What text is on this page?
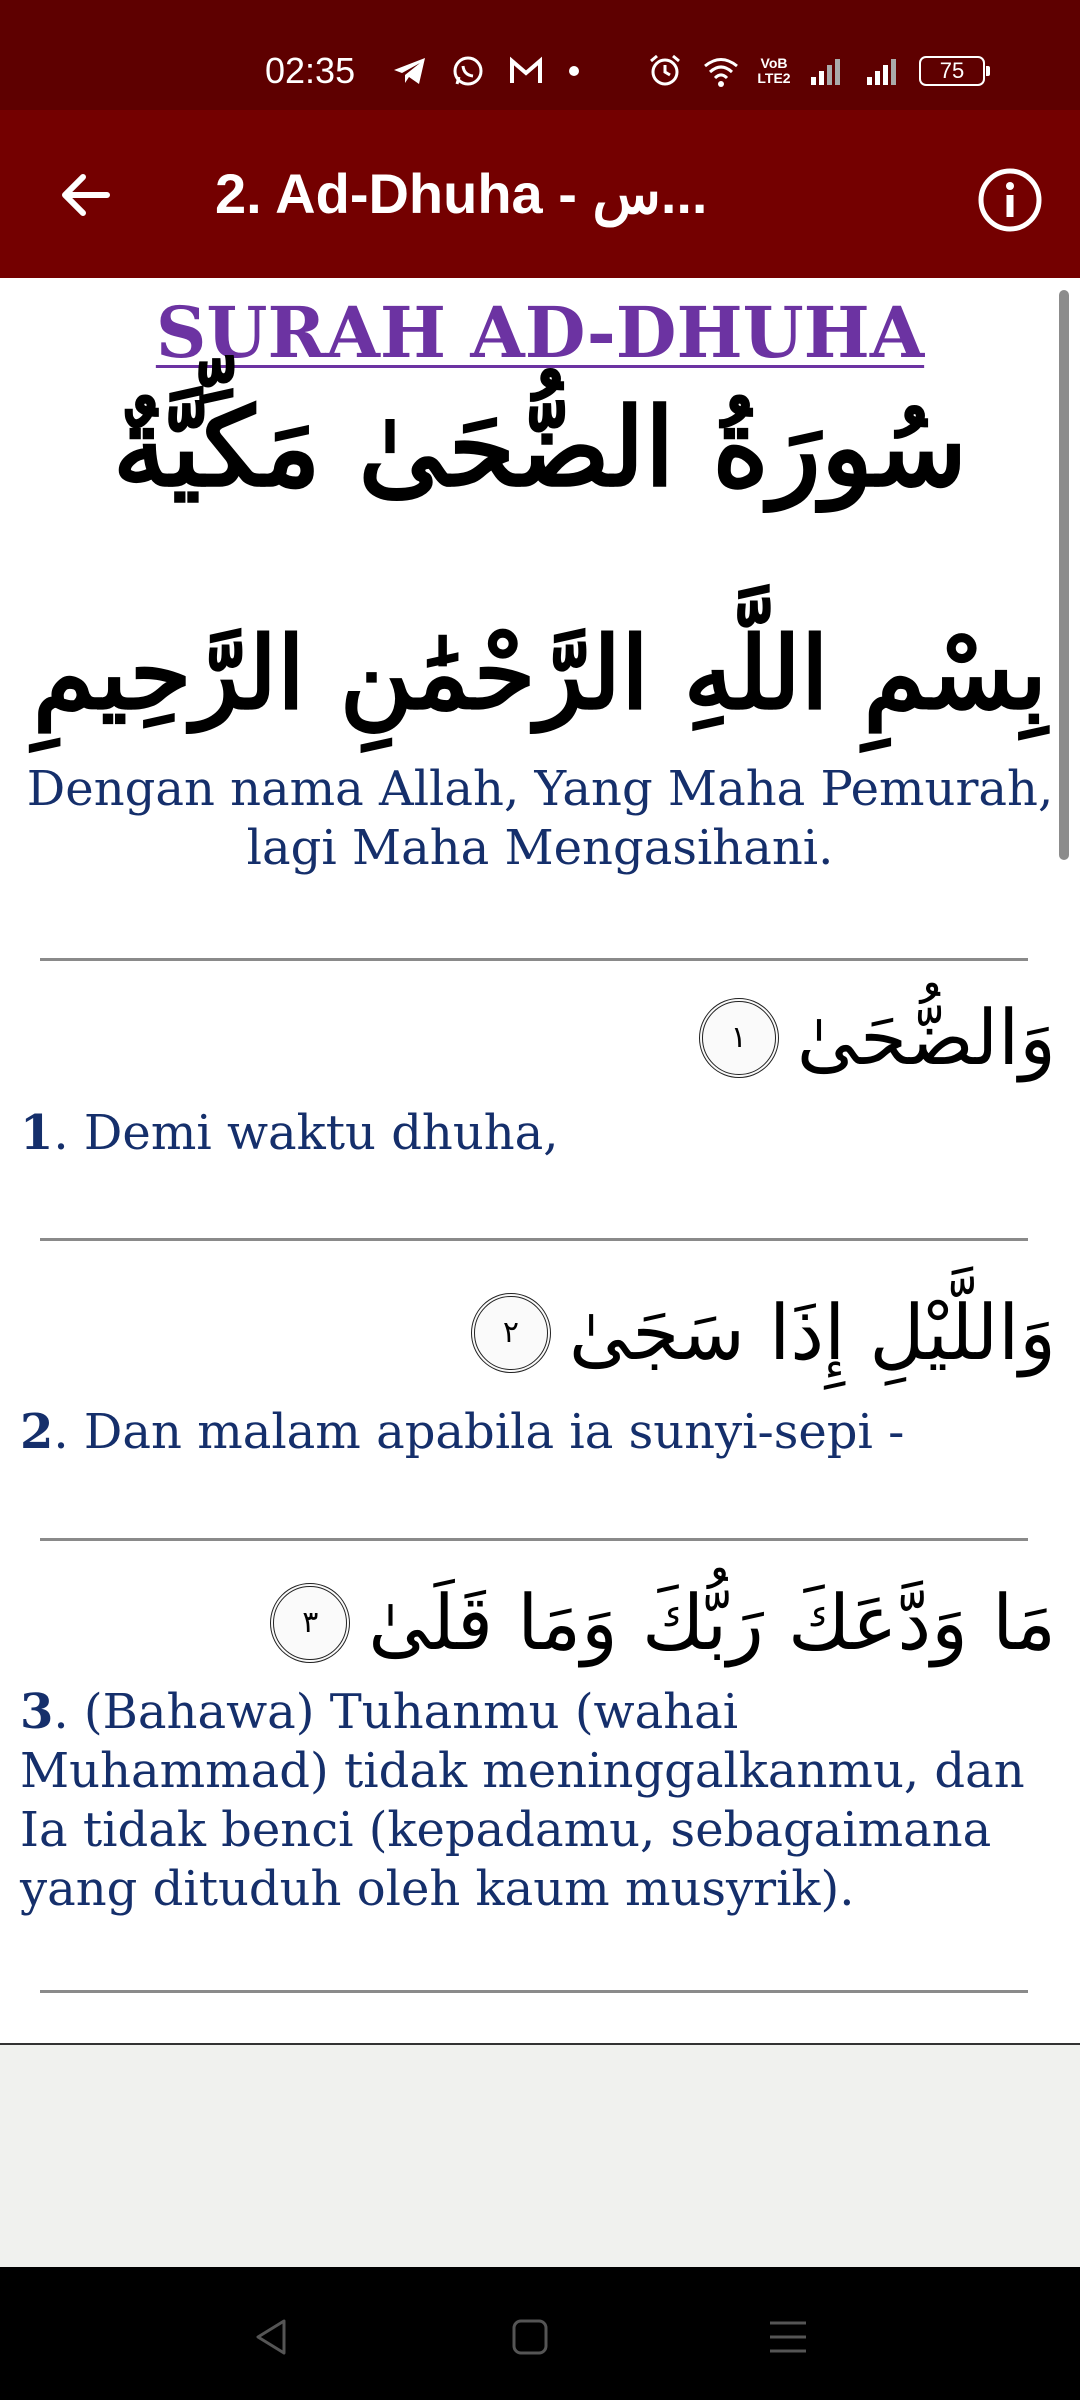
02:35	VoB
LTE2	75
2. Ad-Dhuha - س...
SURAH AD-DHUHA
سُورَةُ الضُّحَىٰ مَكِّيَّةٌ
بِسْمِ اللَّهِ الرَّحْمَٰنِ الرَّحِيمِ
Dengan nama Allah, Yang Maha Pemurah, lagi Maha Mengasihani.
١ وَالضُّحَىٰ
1. Demi waktu dhuha,
٢ وَاللَّيْلِ إِذَا سَجَىٰ
2. Dan malam apabila ia sunyi-sepi -
٣ مَا وَدَّعَكَ رَبُّكَ وَمَا قَلَىٰ
3. (Bahawa) Tuhanmu (wahai Muhammad) tidak meninggalkanmu, dan Ia tidak benci (kepadamu, sebagaimana yang dituduh oleh kaum musyrik).
